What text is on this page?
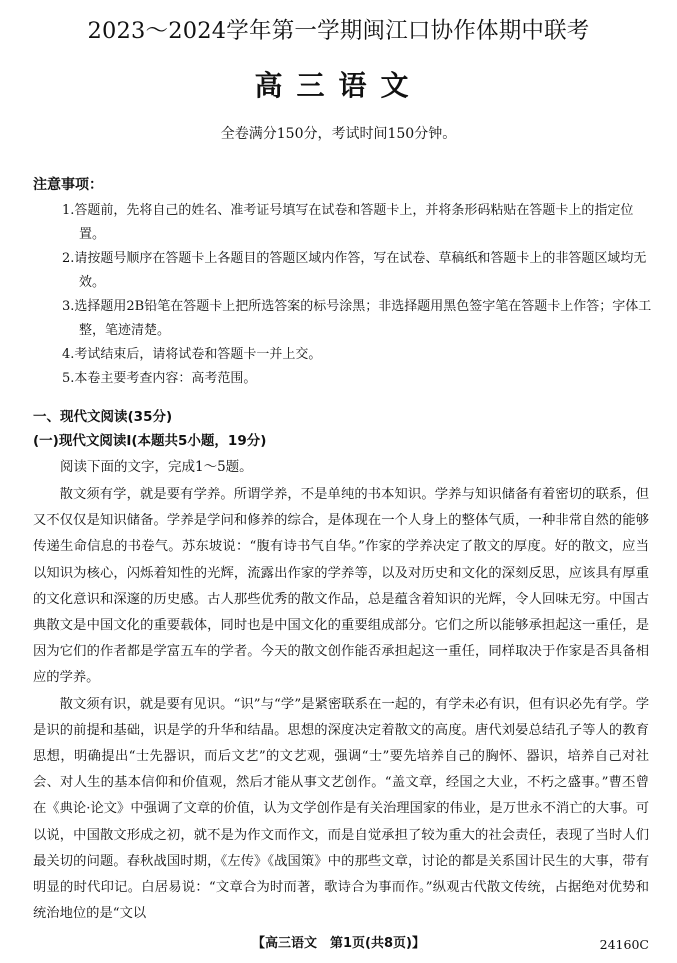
2023～2024学年第一学期闽江口协作体期中联考
高三语文
全卷满分150分，考试时间150分钟。
注意事项：
1.答题前，先将自己的姓名、准考证号填写在试卷和答题卡上，并将条形码粘贴在答题卡上的指定位置。
2.请按题号顺序在答题卡上各题目的答题区域内作答，写在试卷、草稿纸和答题卡上的非答题区域均无效。
3.选择题用2B铅笔在答题卡上把所选答案的标号涂黑；非选择题用黑色签字笔在答题卡上作答；字体工整，笔迹清楚。
4.考试结束后，请将试卷和答题卡一并上交。
5.本卷主要考查内容：高考范围。
一、现代文阅读(35分)
(一)现代文阅读Ⅰ(本题共5小题，19分)
阅读下面的文字，完成1～5题。

散文须有学，就是要有学养。所谓学养，不是单纯的书本知识。学养与知识储备有着密切的联系，但又不仅仅是知识储备。学养是学问和修养的综合，是体现在一个人身上的整体气质，一种非常自然的能够传递生命信息的书卷气。苏东坡说：“腹有诗书气自华。”作家的学养决定了散文的厚度。好的散文，应当以知识为核心，闪烁着知性的光辉，流露出作家的学养等，以及对历史和文化的深刻反思，应该具有厚重的文化意识和深邃的历史感。古人那些优秀的散文作品，总是蕴含着知识的光辉，令人回味无穷。中国古典散文是中国文化的重要载体，同时也是中国文化的重要组成部分。它们之所以能够承担起这一重任，是因为它们的作者都是学富五车的学者。今天的散文创作能否承担起这一重任，同样取决于作家是否具备相应的学养。

散文须有识，就是要有见识。“识”与“学”是紧密联系在一起的，有学未必有识，但有识必先有学。学是识的前提和基础，识是学的升华和结晶。思想的深度决定着散文的高度。唐代刘晏总结孔子等人的教育思想，明确提出“士先器识，而后文艺”的文艺观，强调“士”要先培养自己的胸怀、器识，培养自己对社会、对人生的基本信仰和价值观，然后才能从事文艺创作。“盖文章，经国之大业，不朽之盛事。”曹丕曾在《典论·论文》中强调了文章的价值，认为文学创作是有关治理国家的伟业，是万世永不消亡的大事。可以说，中国散文形成之初，就不是为作文而作文，而是自觉承担了较为重大的社会责任，表现了当时人们最关切的问题。春秋战国时期，《左传》《战国策》中的那些文章，讨论的都是关系国计民生的大事，带有明显的时代印记。白居易说：“文章合为时而著，歌诗合为事而作。”纵观古代散文传统，占据绝对优势和统治地位的是“文以

【高三语文　第1页(共8页)】	24160C
